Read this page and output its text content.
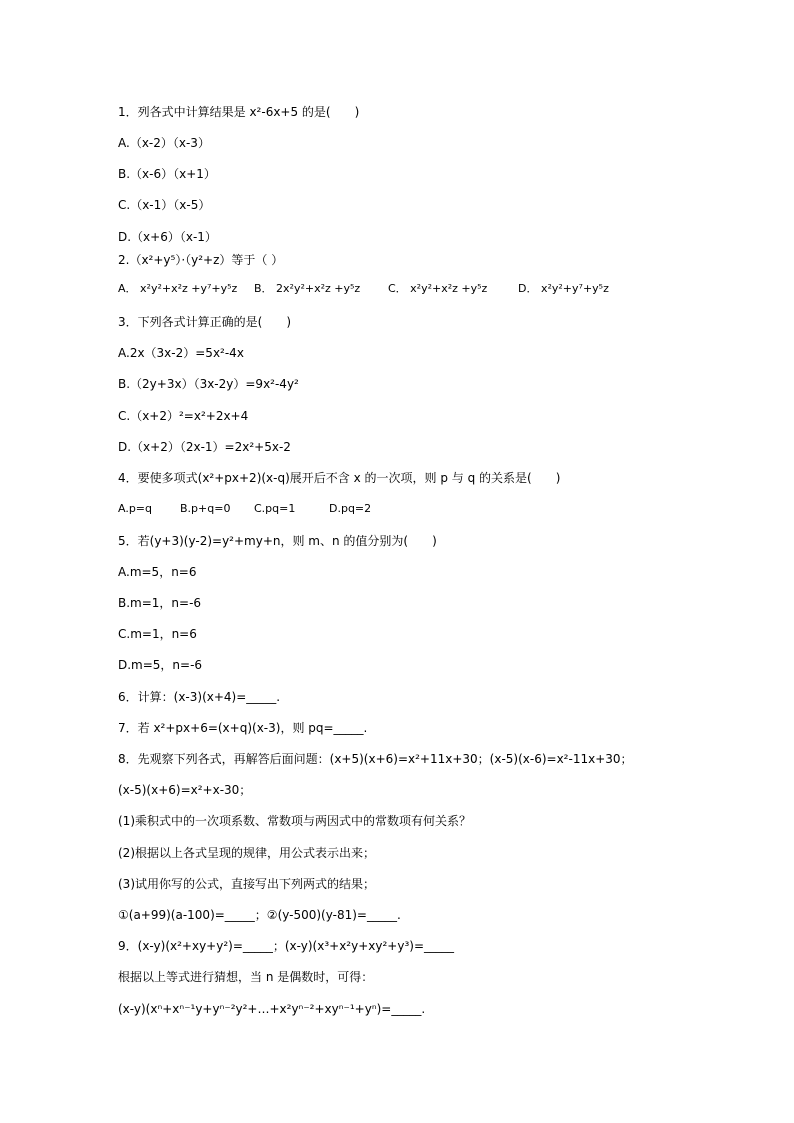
1．列各式中计算结果是 x²-6x+5 的是(　　)
A.（x-2）（x-3）
B.（x-6）（x+1）
C.（x-1）（x-5）
D.（x+6）（x-1）
2.（x²+y⁵）·（y²+z）等于（ ）
A． x²y²+x²z +y⁷+y⁵z B． 2x²y²+x²z +y⁵z	C． x²y²+x²z +y⁵z	D． x²y²+y⁷+y⁵z
3．下列各式计算正确的是(　　)
A.2x（3x-2）=5x²-4x
B.（2y+3x）（3x-2y）=9x²-4y²
C.（x+2）²=x²+2x+4
D.（x+2）（2x-1）=2x²+5x-2
4．要使多项式(x²+px+2)(x-q)展开后不含 x 的一次项，则 p 与 q 的关系是(　　)
A.p=q	B.p+q=0 C.pq=1	D.pq=2
5．若(y+3)(y-2)=y²+my+n，则 m、n 的值分别为(　　)
A.m=5，n=6
B.m=1，n=-6
C.m=1，n=6
D.m=5，n=-6
6．计算：(x-3)(x+4)=_____.
7．若 x²+px+6=(x+q)(x-3)，则 pq=_____.
8．先观察下列各式，再解答后面问题：(x+5)(x+6)=x²+11x+30；(x-5)(x-6)=x²-11x+30；
(x-5)(x+6)=x²+x-30；
(1)乘积式中的一次项系数、常数项与两因式中的常数项有何关系？
(2)根据以上各式呈现的规律，用公式表示出来；
(3)试用你写的公式，直接写出下列两式的结果；
①(a+99)(a-100)=_____；②(y-500)(y-81)=_____.
9．(x-y)(x²+xy+y²)=_____；(x-y)(x³+x²y+xy²+y³)=_____
根据以上等式进行猜想，当 n 是偶数时，可得：
(x-y)(xⁿ+xⁿ⁻¹y+yⁿ⁻²y²+…+x²yⁿ⁻²+xyⁿ⁻¹+yⁿ)=_____.
